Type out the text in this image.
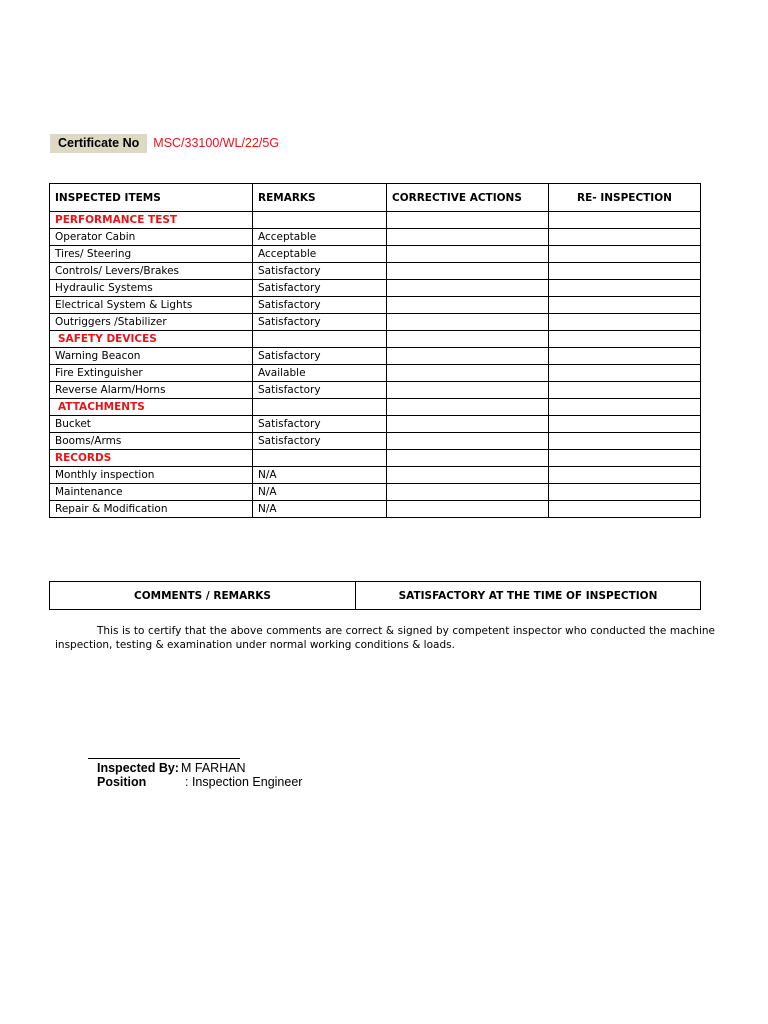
Certificate No	MSC/33100/WL/22/5G
INSPECTED ITEMS	REMARKS	CORRECTIVE ACTIONS	RE- INSPECTION
PERFORMANCE TEST			
Operator Cabin	Acceptable		
Tires/ Steering	Acceptable		
Controls/ Levers/Brakes	Satisfactory		
Hydraulic Systems	Satisfactory		
Electrical System & Lights	Satisfactory		
Outriggers /Stabilizer	Satisfactory		
SAFETY DEVICES			
Warning Beacon	Satisfactory		
Fire Extinguisher	Available		
Reverse Alarm/Horns	Satisfactory		
ATTACHMENTS			
Bucket	Satisfactory		
Booms/Arms	Satisfactory		
RECORDS			
Monthly inspection	N/A		
Maintenance	N/A		
Repair & Modification	N/A		
COMMENTS / REMARKS	SATISFACTORY AT THE TIME OF INSPECTION
This is to certify that the above comments are correct & signed by competent inspector who conducted the machine inspection, testing & examination under normal working conditions & loads.
Inspected By: M FARHAN
Position	: Inspection Engineer
